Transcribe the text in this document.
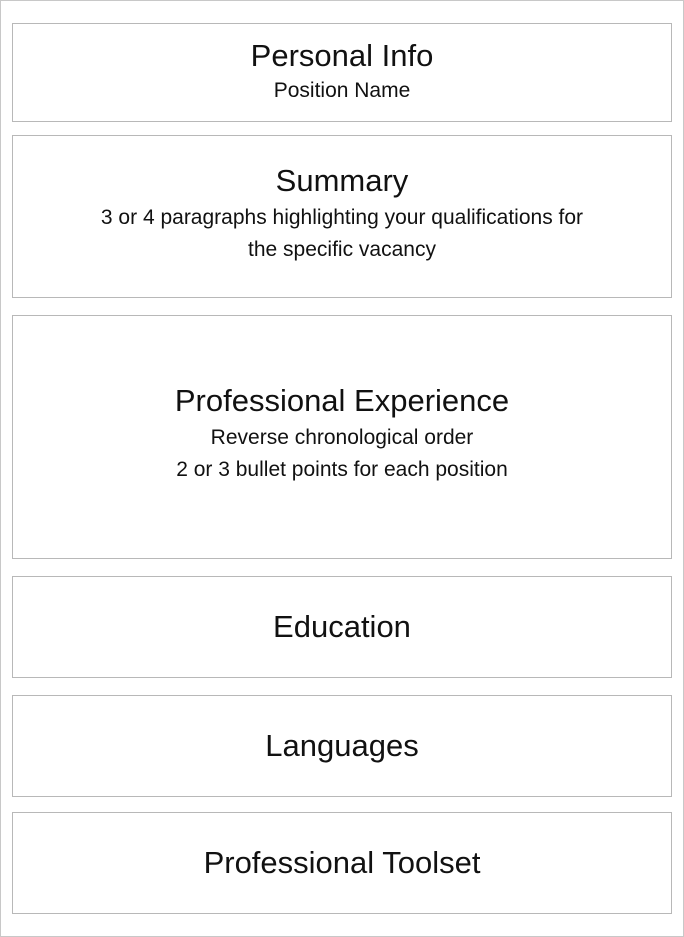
Personal Info
Position Name
Summary
3 or 4 paragraphs highlighting your qualifications for
the specific vacancy
Professional Experience
Reverse chronological order
2 or 3 bullet points for each position
Education
Languages
Professional Toolset
